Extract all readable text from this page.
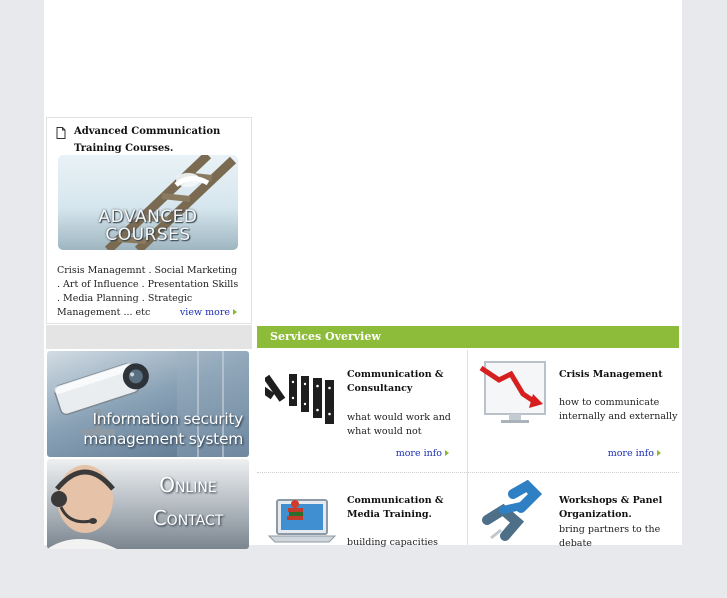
Advanced Communication Training Courses.
ADVANCED
COURSES
Crisis Managemnt . Social Marketing . Art of Influence . Presentation Skills . Media Planning . Strategic Management ... etc	view more
Information security
management system
Online
Contact
Services Overview
Communication & Consultancy
what would work and what would not
more info
Crisis Management
how to communicate internally and externally
more info
Communication & Media Training.
building capacities
Workshops & Panel Organization.
bring partners to the debate
